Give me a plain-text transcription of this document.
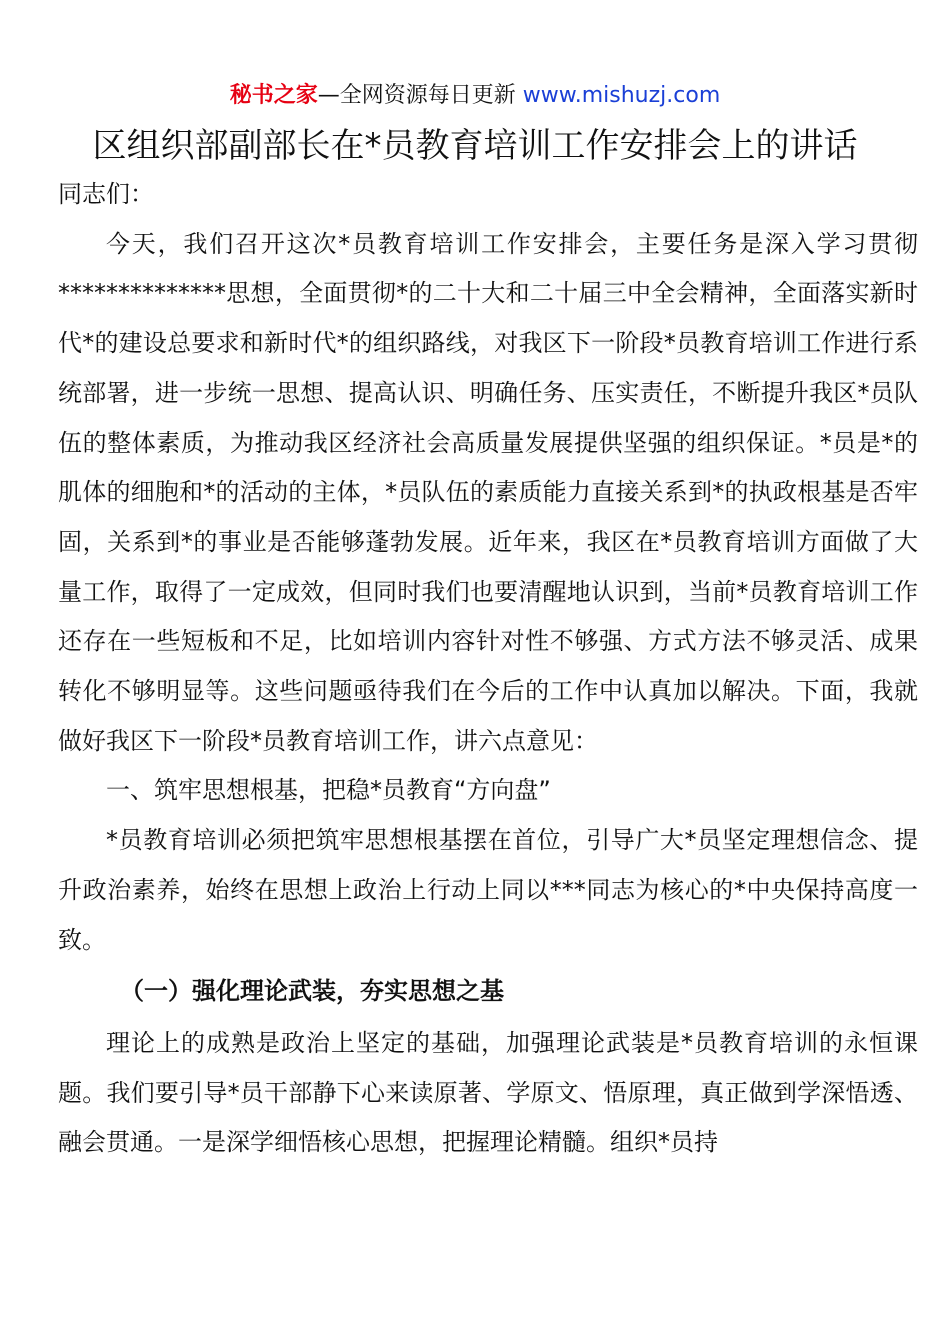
秘书之家—全网资源每日更新 www.mishuzj.com
区组织部副部长在*员教育培训工作安排会上的讲话

同志们：

今天，我们召开这次*员教育培训工作安排会，主要任务是深入学习贯彻**************思想，全面贯彻*的二十大和二十届三中全会精神，全面落实新时代*的建设总要求和新时代*的组织路线，对我区下一阶段*员教育培训工作进行系统部署，进一步统一思想、提高认识、明确任务、压实责任，不断提升我区*员队伍的整体素质，为推动我区经济社会高质量发展提供坚强的组织保证。*员是*的肌体的细胞和*的活动的主体，*员队伍的素质能力直接关系到*的执政根基是否牢固，关系到*的事业是否能够蓬勃发展。近年来，我区在*员教育培训方面做了大量工作，取得了一定成效，但同时我们也要清醒地认识到，当前*员教育培训工作还存在一些短板和不足，比如培训内容针对性不够强、方式方法不够灵活、成果转化不够明显等。这些问题亟待我们在今后的工作中认真加以解决。下面，我就做好我区下一阶段*员教育培训工作，讲六点意见：

一、筑牢思想根基，把稳*员教育“方向盘”

*员教育培训必须把筑牢思想根基摆在首位，引导广大*员坚定理想信念、提升政治素养，始终在思想上政治上行动上同以***同志为核心的*中央保持高度一致。

（一）强化理论武装，夯实思想之基

理论上的成熟是政治上坚定的基础，加强理论武装是*员教育培训的永恒课题。我们要引导*员干部静下心来读原著、学原文、悟原理，真正做到学深悟透、融会贯通。一是深学细悟核心思想，把握理论精髓。组织*员持
